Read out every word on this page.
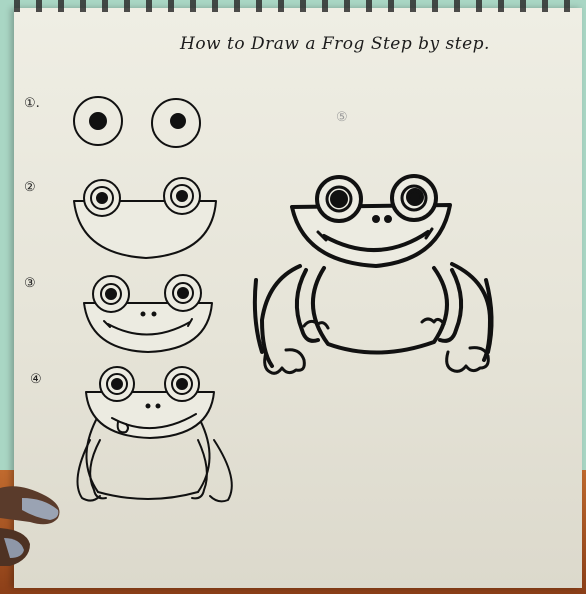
How to Draw a Frog Step by step.
①.
②
③
④
⑤
